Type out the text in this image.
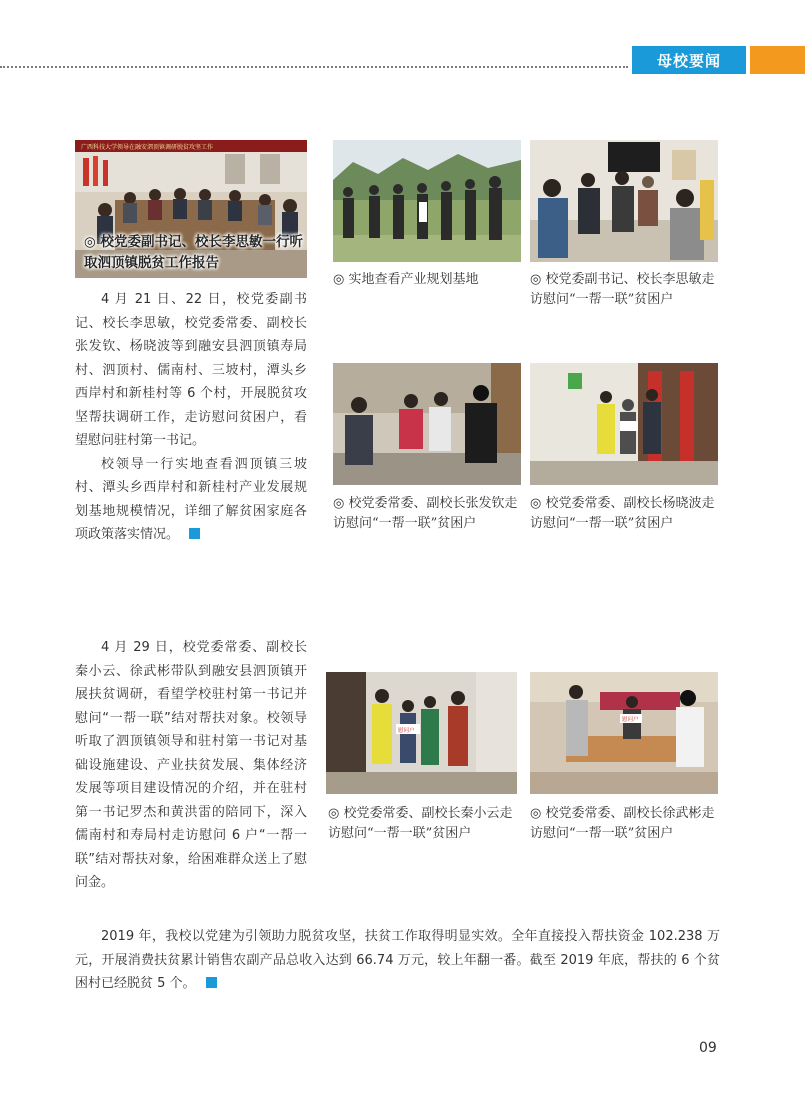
母校要闻
广西科技大学领导在融安泗顶镇调研脱贫攻坚工作
◎ 校党委副书记、校长李思敏一行听取泗顶镇脱贫工作报告
◎ 实地查看产业规划基地	◎ 校党委副书记、校长李思敏走访慰问“一帮一联”贫困户

4 月 21 日、22 日，校党委副书记、校长李思敏，校党委常委、副校长张发钦、杨晓波等到融安县泗顶镇寿局村、泗顶村、儒南村、三坡村，潭头乡西岸村和新桂村等 6 个村，开展脱贫攻坚帮扶调研工作，走访慰问贫困户，看望慰问驻村第一书记。

校领导一行实地查看泗顶镇三坡村、潭头乡西岸村和新桂村产业发展规划基地规模情况，详细了解贫困家庭各项政策落实情况。

◎ 校党委常委、副校长张发钦走访慰问“一帮一联”贫困户
◎ 校党委常委、副校长杨晓波走访慰问“一帮一联”贫困户

4 月 29 日，校党委常委、副校长秦小云、徐武彬带队到融安县泗顶镇开展扶贫调研，看望学校驻村第一书记并慰问“一帮一联”结对帮扶对象。校领导听取了泗顶镇领导和驻村第一书记对基础设施建设、产业扶贫发展、集体经济发展等项目建设情况的介绍，并在驻村第一书记罗杰和黄洪雷的陪同下，深入儒南村和寿局村走访慰问 6 户“一帮一联”结对帮扶对象，给困难群众送上了慰问金。

慰问户
◎ 校党委常委、副校长秦小云走访慰问“一帮一联”贫困户
慰问户
◎ 校党委常委、副校长徐武彬走访慰问“一帮一联”贫困户

2019 年，我校以党建为引领助力脱贫攻坚，扶贫工作取得明显实效。全年直接投入帮扶资金 102.238 万元，开展消费扶贫累计销售农副产品总收入达到 66.74 万元，较上年翻一番。截至 2019 年底，帮扶的 6 个贫困村已经脱贫 5 个。

09
